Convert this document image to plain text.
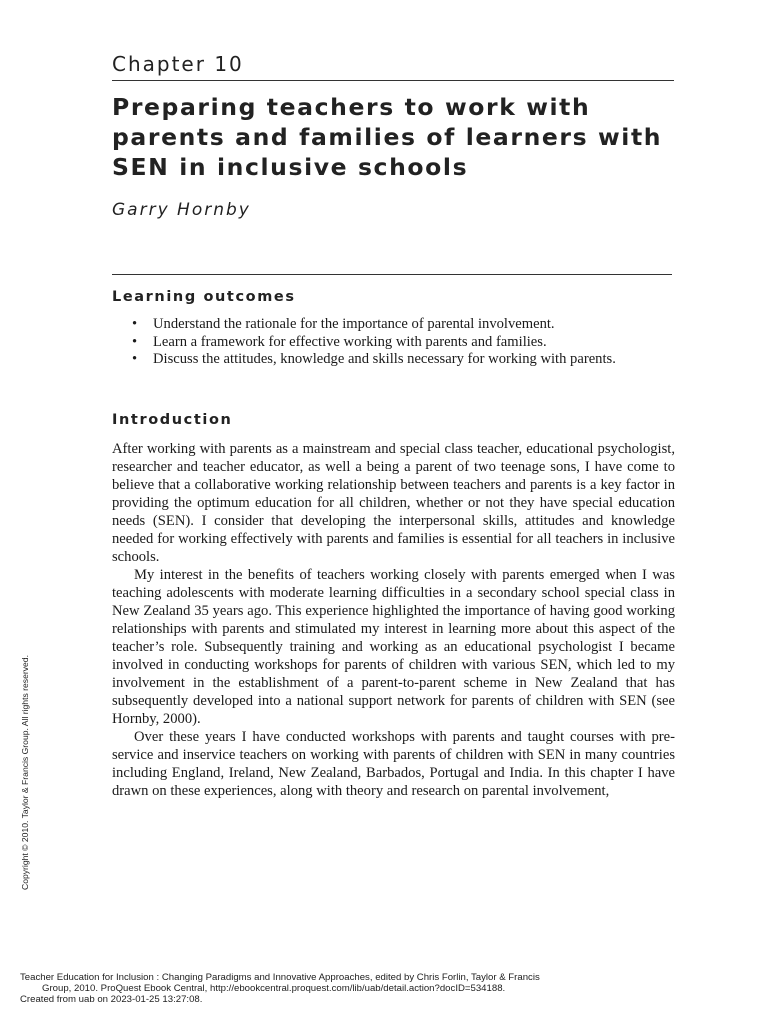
Chapter 10
Preparing teachers to work with parents and families of learners with SEN in inclusive schools
Garry Hornby
Learning outcomes
• Understand the rationale for the importance of parental involvement.
• Learn a framework for effective working with parents and families.
• Discuss the attitudes, knowledge and skills necessary for working with parents.
Introduction

After working with parents as a mainstream and special class teacher, educational psychologist, researcher and teacher educator, as well a being a parent of two teenage sons, I have come to believe that a collaborative working relationship between teachers and parents is a key factor in providing the optimum education for all children, whether or not they have special education needs (SEN). I consider that developing the interpersonal skills, attitudes and knowledge needed for working effectively with parents and families is essential for all teachers in inclusive schools.

My interest in the benefits of teachers working closely with parents emerged when I was teaching adolescents with moderate learning difficulties in a secondary school special class in New Zealand 35 years ago. This experience highlighted the importance of having good working relationships with parents and stimulated my interest in learning more about this aspect of the teacher’s role. Subsequently training and working as an educational psychologist I became involved in conducting workshops for parents of children with various SEN, which led to my involvement in the establishment of a parent-to-parent scheme in New Zealand that has subsequently developed into a national support network for parents of children with SEN (see Hornby, 2000).

Over these years I have conducted workshops with parents and taught courses with pre-service and inservice teachers on working with parents of children with SEN in many countries including England, Ireland, New Zealand, Barbados, Portugal and India. In this chapter I have drawn on these experiences, along with theory and research on parental involvement,

Copyright © 2010. Taylor & Francis Group. All rights reserved.
Teacher Education for Inclusion : Changing Paradigms and Innovative Approaches, edited by Chris Forlin, Taylor & Francis
Group, 2010. ProQuest Ebook Central, http://ebookcentral.proquest.com/lib/uab/detail.action?docID=534188.
Created from uab on 2023-01-25 13:27:08.
